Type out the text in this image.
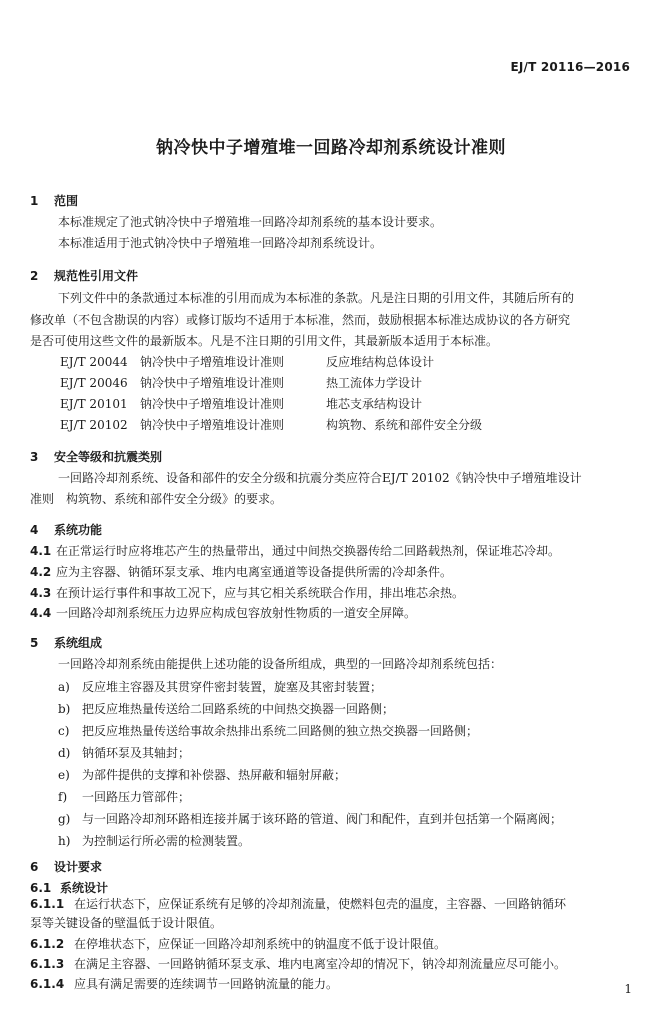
EJ/T 20116—2016
钠冷快中子增殖堆一回路冷却剂系统设计准则
1 范围
本标准规定了池式钠冷快中子增殖堆一回路冷却剂系统的基本设计要求。
本标准适用于池式钠冷快中子增殖堆一回路冷却剂系统设计。
2 规范性引用文件
下列文件中的条款通过本标准的引用而成为本标准的条款。凡是注日期的引用文件，其随后所有的
修改单（不包含勘误的内容）或修订版均不适用于本标准，然而，鼓励根据本标准达成协议的各方研究
是否可使用这些文件的最新版本。凡是不注日期的引用文件，其最新版本适用于本标准。
EJ/T 20044 钠冷快中子增殖堆设计准则	反应堆结构总体设计
EJ/T 20046 钠冷快中子增殖堆设计准则	热工流体力学设计
EJ/T 20101 钠冷快中子增殖堆设计准则	堆芯支承结构设计
EJ/T 20102 钠冷快中子增殖堆设计准则	构筑物、系统和部件安全分级
3 安全等级和抗震类别
一回路冷却剂系统、设备和部件的安全分级和抗震分类应符合EJ/T 20102《钠冷快中子增殖堆设计
准则　构筑物、系统和部件安全分级》的要求。
4 系统功能
4.1 在正常运行时应将堆芯产生的热量带出，通过中间热交换器传给二回路载热剂，保证堆芯冷却。
4.2 应为主容器、钠循环泵支承、堆内电离室通道等设备提供所需的冷却条件。
4.3 在预计运行事件和事故工况下，应与其它相关系统联合作用，排出堆芯余热。
4.4 一回路冷却剂系统压力边界应构成包容放射性物质的一道安全屏障。
5 系统组成
一回路冷却剂系统由能提供上述功能的设备所组成，典型的一回路冷却剂系统包括：
a) 反应堆主容器及其贯穿件密封装置，旋塞及其密封装置；
b) 把反应堆热量传送给二回路系统的中间热交换器一回路侧；
c) 把反应堆热量传送给事故余热排出系统二回路侧的独立热交换器一回路侧；
d) 钠循环泵及其轴封；
e) 为部件提供的支撑和补偿器、热屏蔽和辐射屏蔽；
f) 一回路压力管部件；
g) 与一回路冷却剂环路相连接并属于该环路的管道、阀门和配件，直到并包括第一个隔离阀；
h) 为控制运行所必需的检测装置。
6 设计要求
6.1 系统设计
6.1.1 在运行状态下，应保证系统有足够的冷却剂流量，使燃料包壳的温度，主容器、一回路钠循环
泵等关键设备的壁温低于设计限值。
6.1.2 在停堆状态下，应保证一回路冷却剂系统中的钠温度不低于设计限值。
6.1.3 在满足主容器、一回路钠循环泵支承、堆内电离室冷却的情况下，钠冷却剂流量应尽可能小。
6.1.4 应具有满足需要的连续调节一回路钠流量的能力。	1
